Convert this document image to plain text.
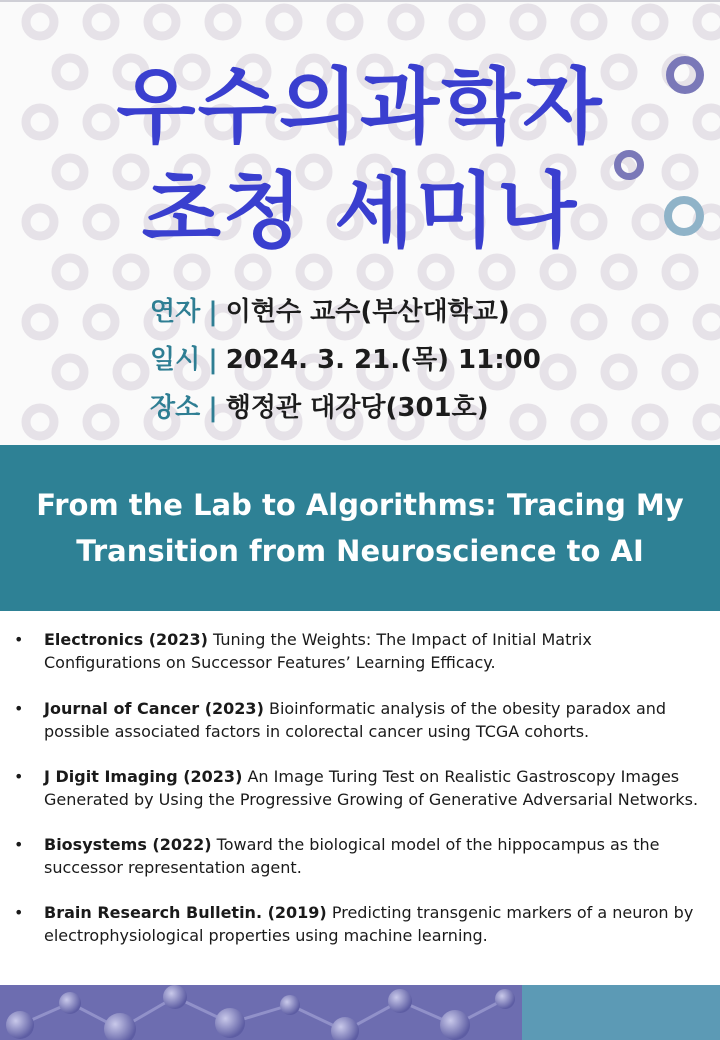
우수의과학자
초청 세미나
연자 | 이현수 교수(부산대학교)
일시 | 2024. 3. 21.(목) 11:00
장소 | 행정관 대강당(301호)
From the Lab to Algorithms: Tracing My
Transition from Neuroscience to AI
• Electronics (2023) Tuning the Weights: The Impact of Initial Matrix Configurations on Successor Features’ Learning Efficacy.
• Journal of Cancer (2023) Bioinformatic analysis of the obesity paradox and possible associated factors in colorectal cancer using TCGA cohorts.
• J Digit Imaging (2023) An Image Turing Test on Realistic Gastroscopy Images Generated by Using the Progressive Growing of Generative Adversarial Networks.
• Biosystems (2022) Toward the biological model of the hippocampus as the successor representation agent.
• Brain Research Bulletin. (2019) Predicting transgenic markers of a neuron by electrophysiological properties using machine learning.
